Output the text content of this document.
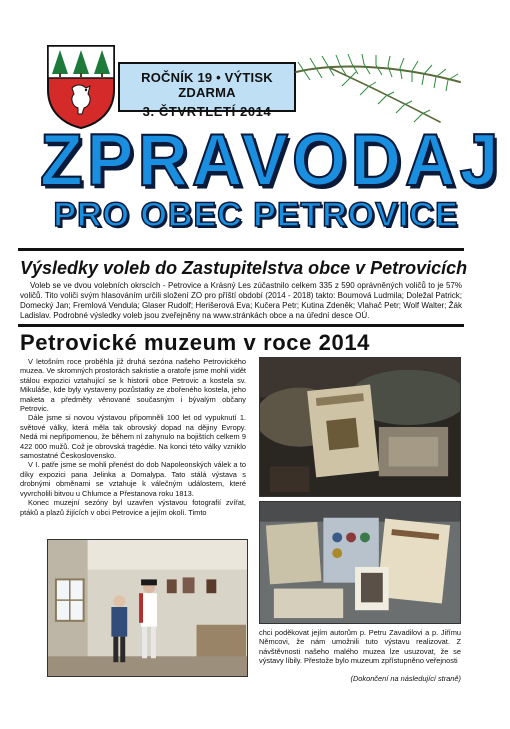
ROČNÍK 19 • VÝTISK ZDARMA
3. ČTVRTLETÍ 2014
ZPRAVODAJ
PRO OBEC PETROVICE
Výsledky voleb do Zastupitelstva obce v Petrovicích

Voleb se ve dvou volebních okrscích - Petrovice a Krásný Les zúčastnilo celkem 335 z 590 oprávněných voličů to je 57% voličů. Tito voliči svým hlasováním určili složení ZO pro příští období (2014 - 2018) takto: Boumová Ludmila; Doležal Patrick; Domecký Jan; Fremlová Vendula; Glaser Rudolf; Herišerová Eva; Kučera Petr; Kutina Zdeněk; Vlahač Petr; Wolf Walter; Žák Ladislav. Podrobné výsledky voleb jsou zveřejněny na www.stránkách obce a na úřední desce OÚ.

Petrovické muzeum v roce 2014

V letošním roce proběhla již druhá sezóna našeho Petrovického muzea. Ve skromných prostorách sakristie a oratoře jsme mohli vidět stálou expozici vztahující se k historii obce Petrovic a kostela sv. Mikuláše, kde byly vystaveny pozůstatky ze zbořeného kostela, jeho maketa a předměty věnované současným i bývalým občany Petrovic.

Dále jsme si novou výstavou připomněli 100 let od vypuknutí 1. světové války, která měla tak obrovský dopad na dějiny Evropy. Nedá mi nepřipomenou, že během ní zahynulo na bojištích celkem 9 422 000 mužů. Což je obrovská tragédie. Na konci této války vzniklo samostatné Československo.

V I. patře jsme se mohli přenést do dob Napoleonských válek a to díky expozici pana Jelinka a Domalypa. Tato stálá výstava s drobnými obměnami se vztahuje k válečným událostem, které vyvrcholili bitvou u Chlumce a Přestanova roku 1813.

Konec muzejní sezóny byl uzavřen výstavou fotografií zvířat, ptáků a plazů žijících v obci Petrovice a jejím okolí. Timto

chci poděkovat jejím autorům p. Petru Zavadilovi a p. Jiřímu Němcovi, že nám umožnili tuto výstavu realizovat. Z návštěvnosti našeho malého muzea lze usuzovat, že se výstavy líbily. Přestože bylo muzeum zpřístupněno veřejnosti
(Dokončení na následující straně)
